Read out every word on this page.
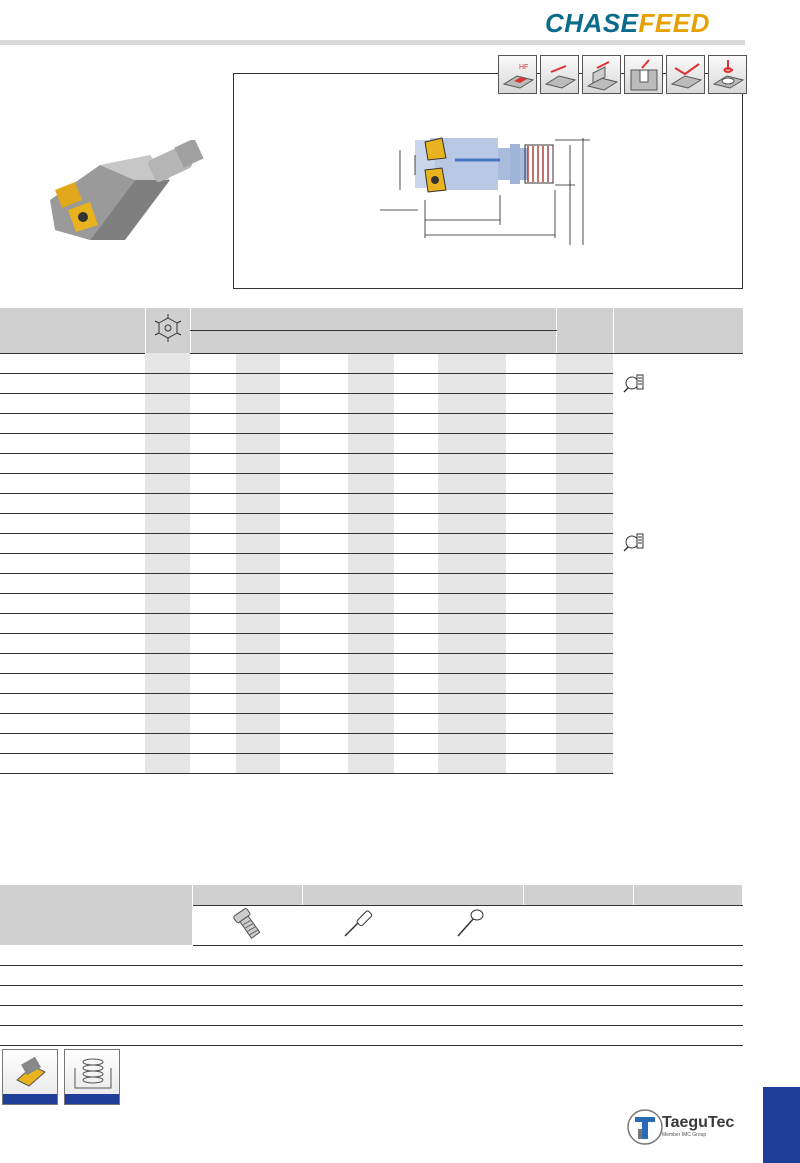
CHASEFEED
HF

TaeguTec
Member IMC Group
